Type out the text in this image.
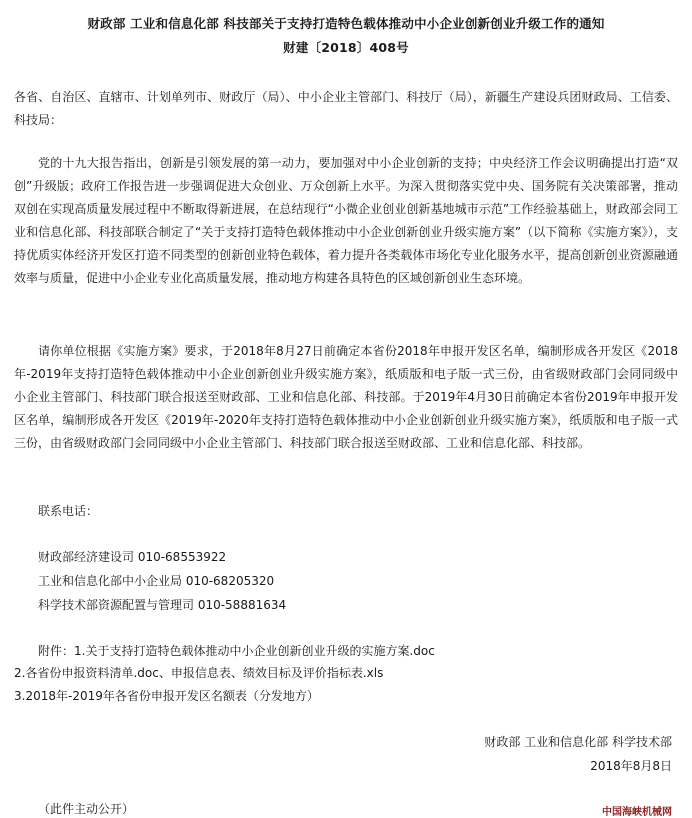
财政部 工业和信息化部 科技部关于支持打造特色载体推动中小企业创新创业升级工作的通知
财建〔2018〕408号

各省、自治区、直辖市、计划单列市、财政厅（局）、中小企业主管部门、科技厅（局），新疆生产建设兵团财政局、工信委、科技局：

党的十九大报告指出，创新是引领发展的第一动力，要加强对中小企业创新的支持；中央经济工作会议明确提出打造“双创”升级版；政府工作报告进一步强调促进大众创业、万众创新上水平。为深入贯彻落实党中央、国务院有关决策部署，推动双创在实现高质量发展过程中不断取得新进展，在总结现行“小微企业创业创新基地城市示范”工作经验基础上，财政部会同工业和信息化部、科技部联合制定了“关于支持打造特色载体推动中小企业创新创业升级实施方案”（以下简称《实施方案》），支持优质实体经济开发区打造不同类型的创新创业特色载体，着力提升各类载体市场化专业化服务水平，提高创新创业资源融通效率与质量，促进中小企业专业化高质量发展，推动地方构建各具特色的区域创新创业生态环境。

请你单位根据《实施方案》要求，于2018年8月27日前确定本省份2018年申报开发区名单，编制形成各开发区《2018年-2019年支持打造特色载体推动中小企业创新创业升级实施方案》，纸质版和电子版一式三份，由省级财政部门会同同级中小企业主管部门、科技部门联合报送至财政部、工业和信息化部、科技部。于2019年4月30日前确定本省份2019年申报开发区名单，编制形成各开发区《2019年-2020年支持打造特色载体推动中小企业创新创业升级实施方案》，纸质版和电子版一式三份，由省级财政部门会同同级中小企业主管部门、科技部门联合报送至财政部、工业和信息化部、科技部。

联系电话：
财政部经济建设司 010-68553922
工业和信息化部中小企业局 010-68205320
科学技术部资源配置与管理司 010-58881634
附件：1.关于支持打造特色载体推动中小企业创新创业升级的实施方案.doc
2.各省份申报资料清单.doc、申报信息表、绩效目标及评价指标表.xls
3.2018年-2019年各省份申报开发区名额表（分发地方）
财政部 工业和信息化部 科学技术部
2018年8月8日
（此件主动公开）	中国海峡机械网
